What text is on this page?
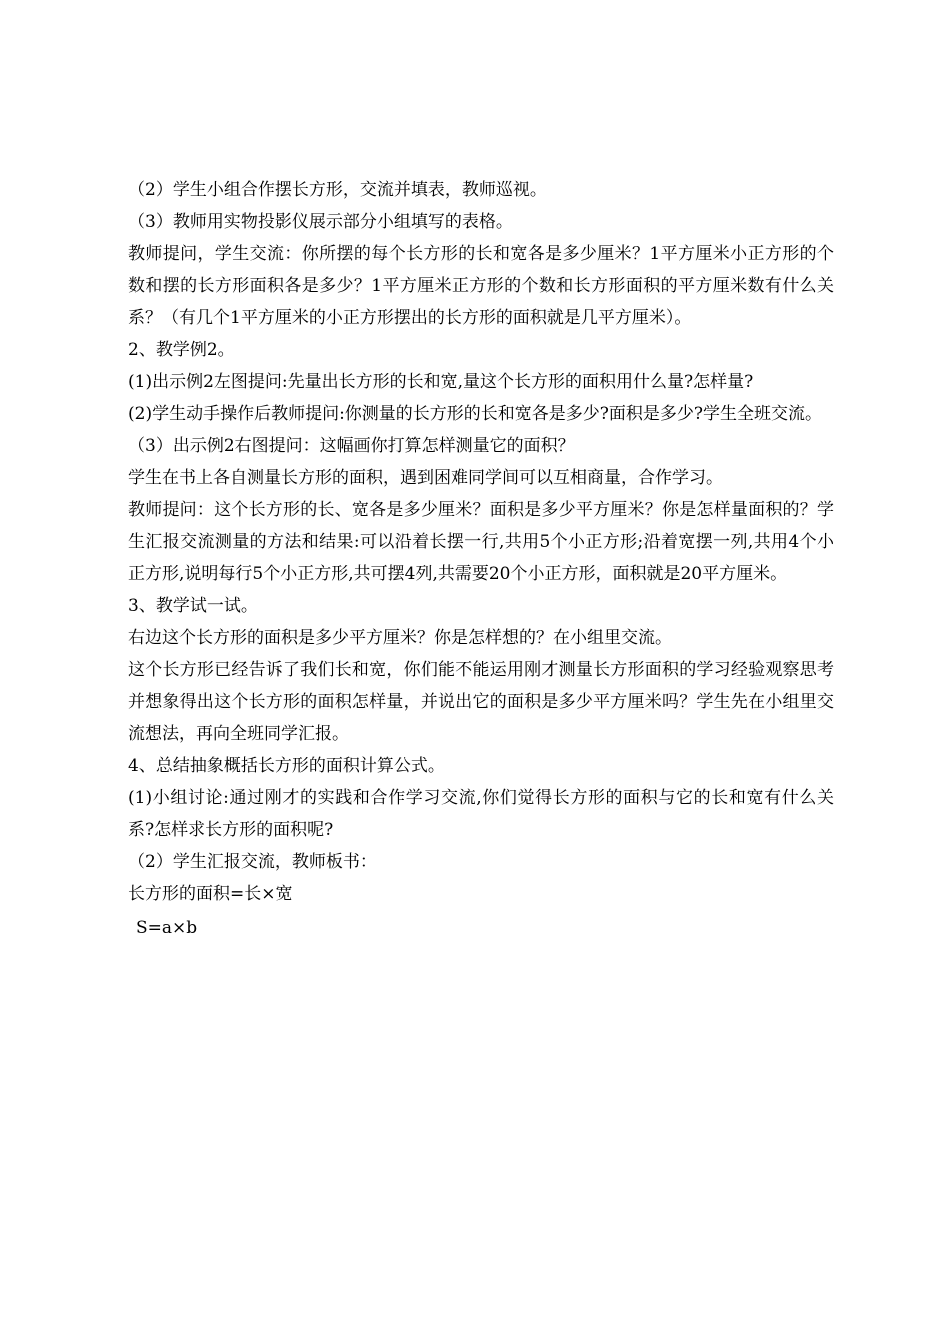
（2）学生小组合作摆长方形，交流并填表，教师巡视。

（3）教师用实物投影仪展示部分小组填写的表格。

教师提问，学生交流：你所摆的每个长方形的长和宽各是多少厘米？1平方厘米小正方形的个数和摆的长方形面积各是多少？1平方厘米正方形的个数和长方形面积的平方厘米数有什么关系？（有几个1平方厘米的小正方形摆出的长方形的面积就是几平方厘米）。

2、教学例2。

(1)出示例2左图提问:先量出长方形的长和宽,量这个长方形的面积用什么量?怎样量?

(2)学生动手操作后教师提问:你测量的长方形的长和宽各是多少?面积是多少?学生全班交流。

（3）出示例2右图提问：这幅画你打算怎样测量它的面积？

学生在书上各自测量长方形的面积，遇到困难同学间可以互相商量，合作学习。

教师提问：这个长方形的长、宽各是多少厘米？面积是多少平方厘米？你是怎样量面积的？学生汇报交流测量的方法和结果:可以沿着长摆一行,共用5个小正方形;沿着宽摆一列,共用4个小正方形,说明每行5个小正方形,共可摆4列,共需要20个小正方形，面积就是20平方厘米。

3、教学试一试。

右边这个长方形的面积是多少平方厘米？你是怎样想的？在小组里交流。

这个长方形已经告诉了我们长和宽，你们能不能运用刚才测量长方形面积的学习经验观察思考并想象得出这个长方形的面积怎样量，并说出它的面积是多少平方厘米吗？学生先在小组里交流想法，再向全班同学汇报。

4、总结抽象概括长方形的面积计算公式。

(1)小组讨论:通过刚才的实践和合作学习交流,你们觉得长方形的面积与它的长和宽有什么关系?怎样求长方形的面积呢?

（2）学生汇报交流，教师板书：

长方形的面积=长×宽

S=a×b
